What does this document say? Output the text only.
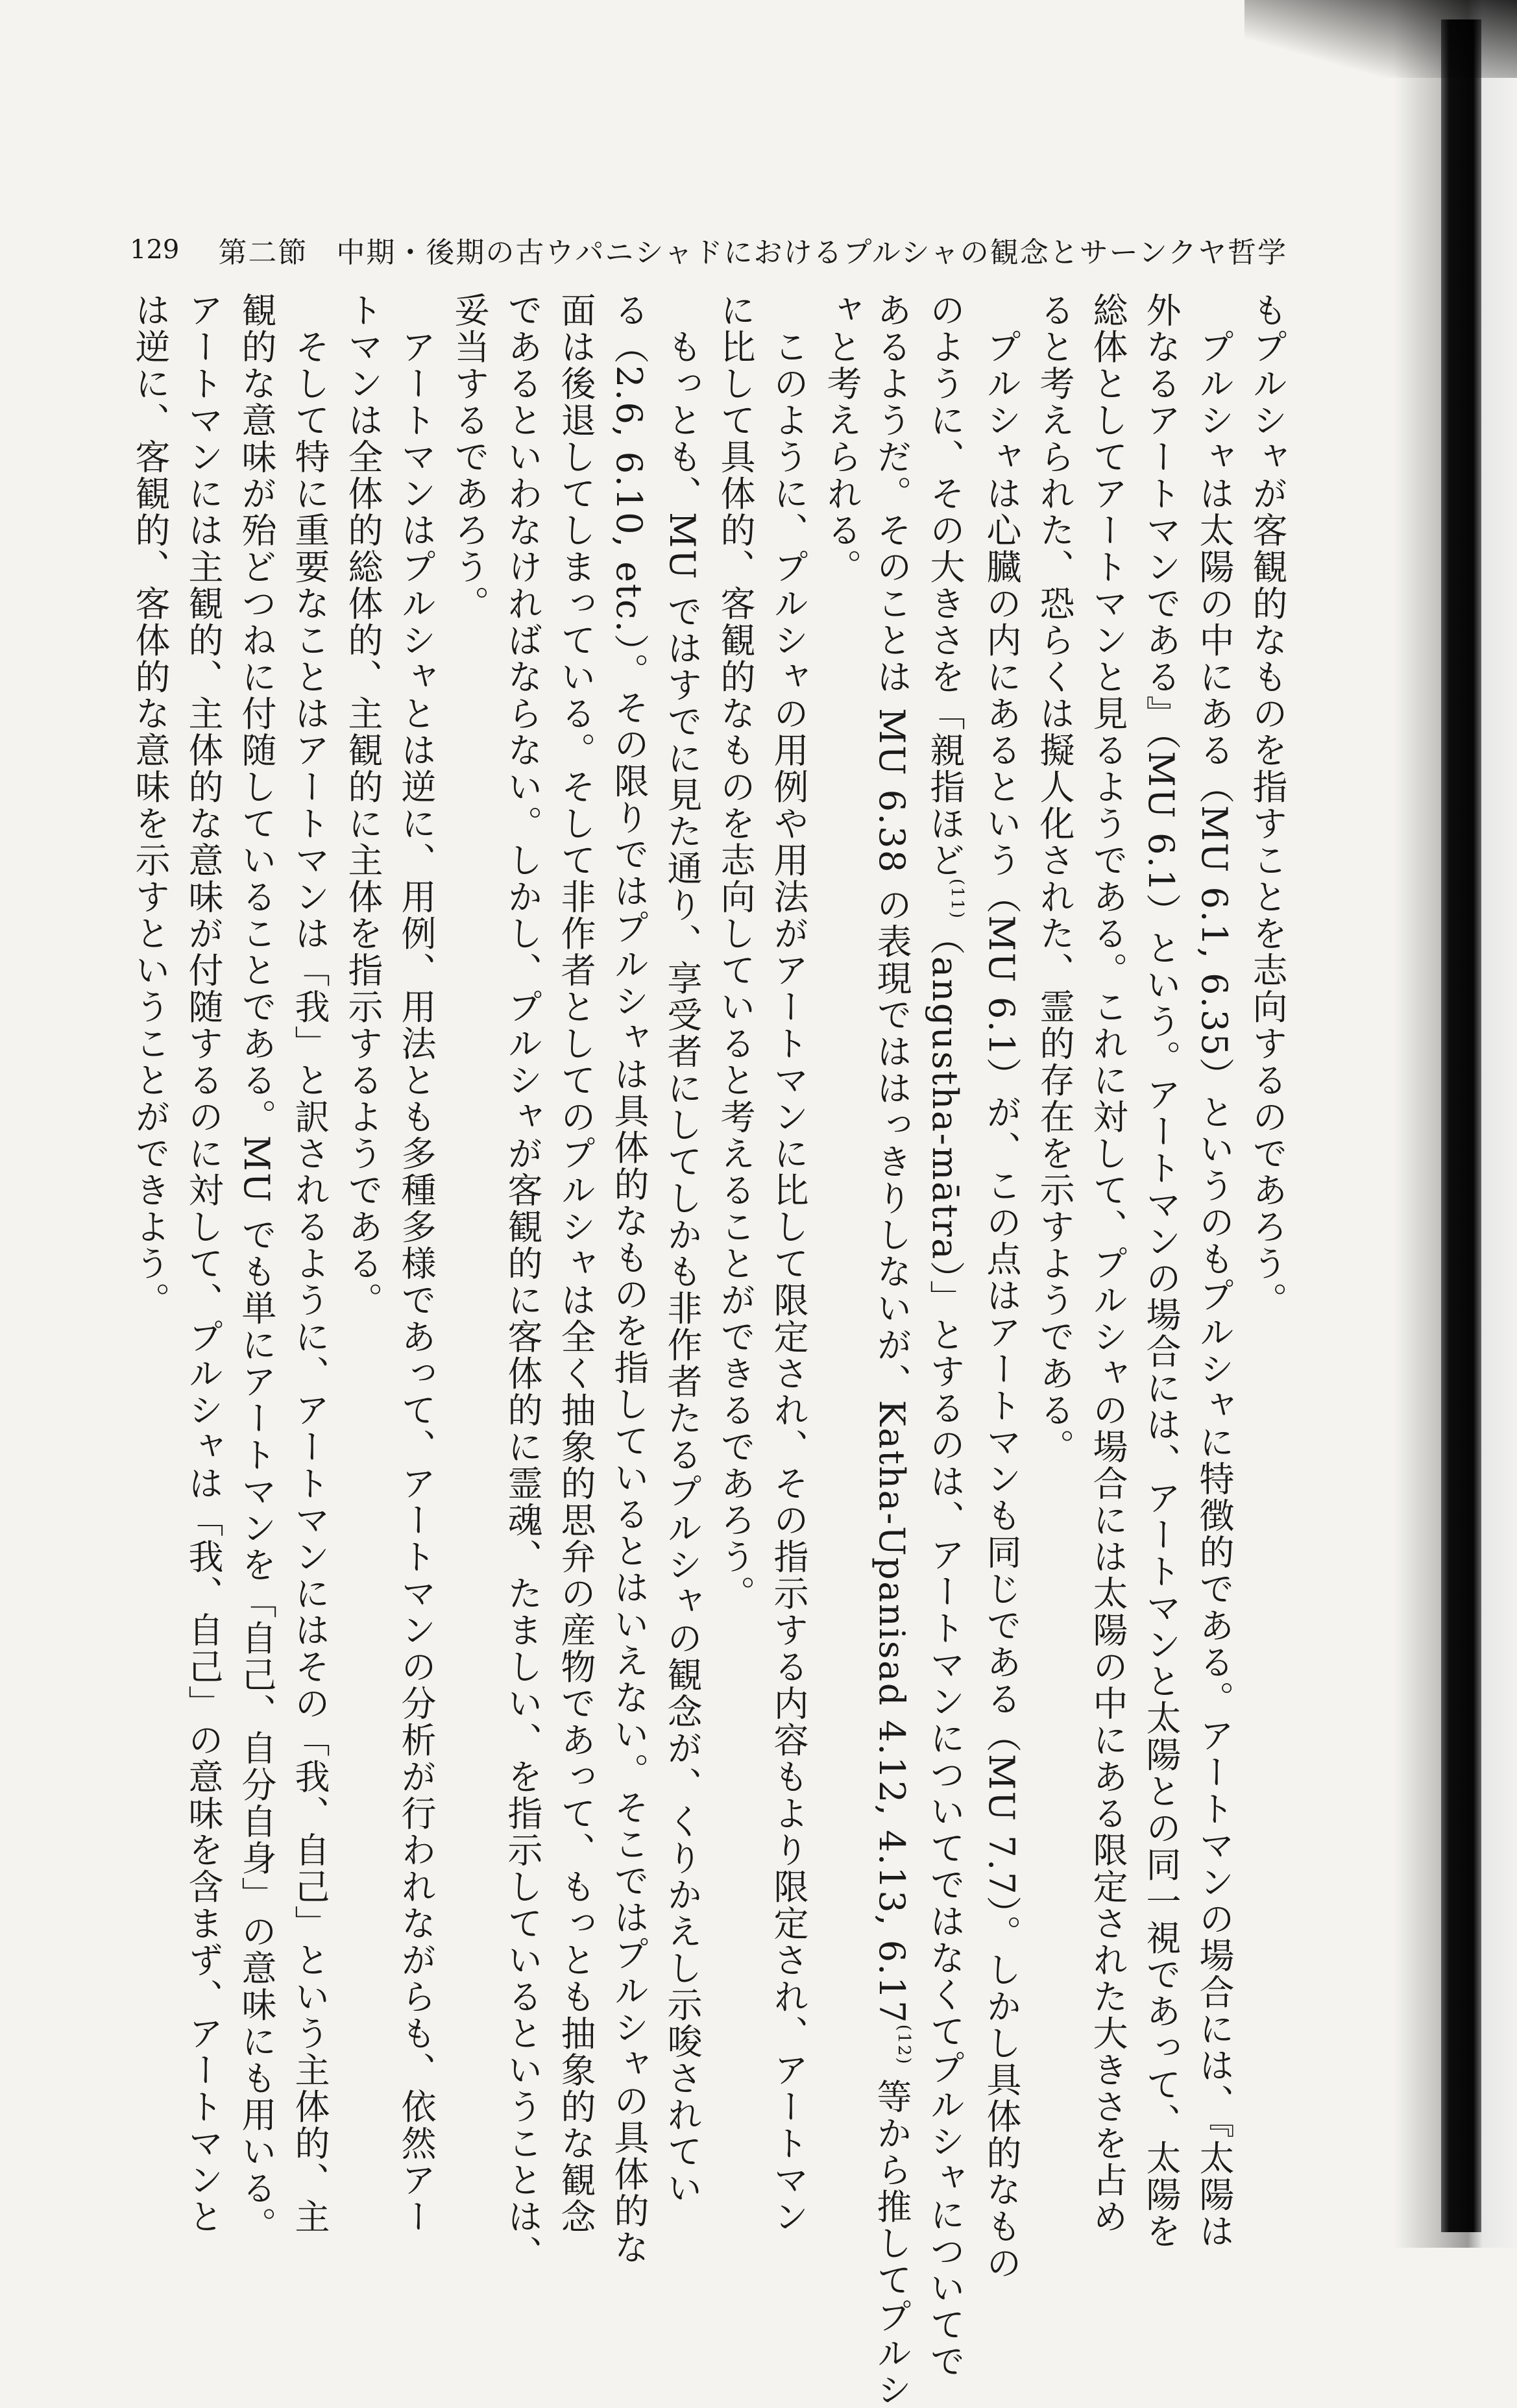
129 第二節 中期・後期の古ウパニシャドにおけるプルシャの観念とサーンクヤ哲学
もプルシャが客観的なものを指すことを志向するのであろう。
　プルシャは太陽の中にある（MU 6.1, 6.35）というのもプルシャに特徴的である。アートマンの場合には、『太陽は
外なるアートマンである』（MU 6.1）という。アートマンの場合には、アートマンと太陽との同一視であって、太陽を
総体としてアートマンと見るようである。これに対して、プルシャの場合には太陽の中にある限定された大きさを占め
ると考えられた、恐らくは擬人化された、霊的存在を示すようである。
　プルシャは心臓の内にあるという（MU 6.1）が、この点はアートマンも同じである（MU 7.7）。しかし具体的なもの
のように、その大きさを「親指ほど$^{(11)}$（angustha-mātra）」とするのは、アートマンについてではなくてプルシャについてで
あるようだ。そのことは MU 6.38 の表現でははっきりしないが、Katha-Upanisad 4.12, 4.13, 6.17$^{(12)}$ 等から推してプルシ
ャと考えられる。
　このように、プルシャの用例や用法がアートマンに比して限定され、その指示する内容もより限定され、アートマン
に比して具体的、客観的なものを志向していると考えることができるであろう。
　もっとも、MU ではすでに見た通り、享受者にしてしかも非作者たるプルシャの観念が、くりかえし示唆されてい
る（2.6, 6.10, etc.）。その限りではプルシャは具体的なものを指しているとはいえない。そこではプルシャの具体的な
面は後退してしまっている。そして非作者としてのプルシャは全く抽象的思弁の産物であって、もっとも抽象的な観念
であるといわなければならない。しかし、プルシャが客観的に客体的に霊魂、たましい、を指示しているということは、
妥当するであろう。
　アートマンはプルシャとは逆に、用例、用法とも多種多様であって、アートマンの分析が行われながらも、依然アー
トマンは全体的総体的、主観的に主体を指示するようである。
　そして特に重要なことはアートマンは「我」と訳されるように、アートマンにはその「我、自己」という主体的、主
観的な意味が殆どつねに付随していることである。MU でも単にアートマンを「自己、自分自身」の意味にも用いる。
アートマンには主観的、主体的な意味が付随するのに対して、プルシャは「我、自己」の意味を含まず、アートマンと
は逆に、客観的、客体的な意味を示すということができよう。
